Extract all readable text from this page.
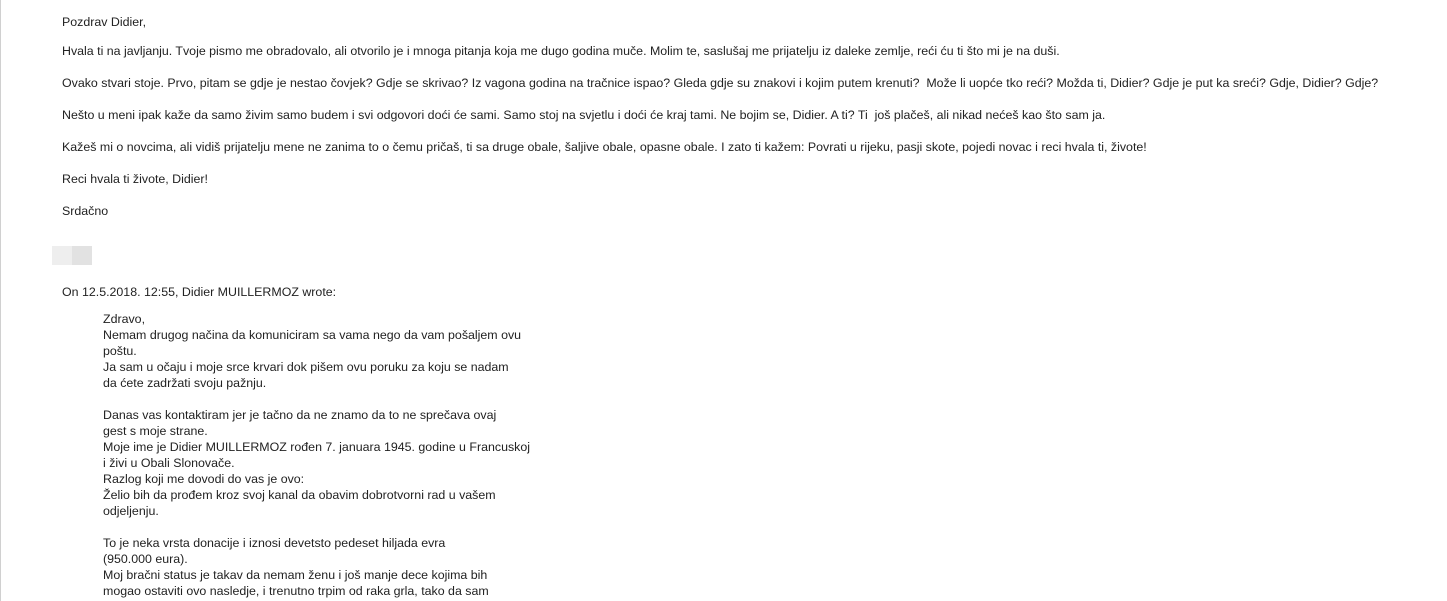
Pozdrav Didier,

Hvala ti na javljanju. Tvoje pismo me obradovalo, ali otvorilo je i mnoga pitanja koja me dugo godina muče. Molim te, saslušaj me prijatelju iz daleke zemlje, reći ću ti što mi je na duši.

Ovako stvari stoje. Prvo, pitam se gdje je nestao čovjek? Gdje se skrivao? Iz vagona godina na tračnice ispao? Gleda gdje su znakovi i kojim putem krenuti?  Može li uopće tko reći? Možda ti, Didier? Gdje je put ka sreći? Gdje, Didier? Gdje?

Nešto u meni ipak kaže da samo živim samo budem i svi odgovori doći će sami. Samo stoj na svjetlu i doći će kraj tami. Ne bojim se, Didier. A ti? Ti  još plačeš, ali nikad nećeš kao što sam ja.

Kažeš mi o novcima, ali vidiš prijatelju mene ne zanima to o čemu pričaš, ti sa druge obale, šaljive obale, opasne obale. I zato ti kažem: Povrati u rijeku, pasji skote, pojedi novac i reci hvala ti, živote!

Reci hvala ti živote, Didier!

Srdačno

On 12.5.2018. 12:55, Didier MUILLERMOZ wrote:

Zdravo,
Nemam drugog načina da komuniciram sa vama nego da vam pošaljem ovu
poštu.
Ja sam u očaju i moje srce krvari dok pišem ovu poruku za koju se nadam
da ćete zadržati svoju pažnju.
Danas vas kontaktiram jer je tačno da ne znamo da to ne sprečava ovaj
gest s moje strane.
Moje ime je Didier MUILLERMOZ rođen 7. januara 1945. godine u Francuskoj
i živi u Obali Slonovače.
Razlog koji me dovodi do vas je ovo:
Želio bih da prođem kroz svoj kanal da obavim dobrotvorni rad u vašem
odjeljenju.
To je neka vrsta donacije i iznosi devetsto pedeset hiljada evra
(950.000 eura).
Moj bračni status je takav da nemam ženu i još manje dece kojima bih
mogao ostaviti ovo nasledje, i trenutno trpim od raka grla, tako da sam
